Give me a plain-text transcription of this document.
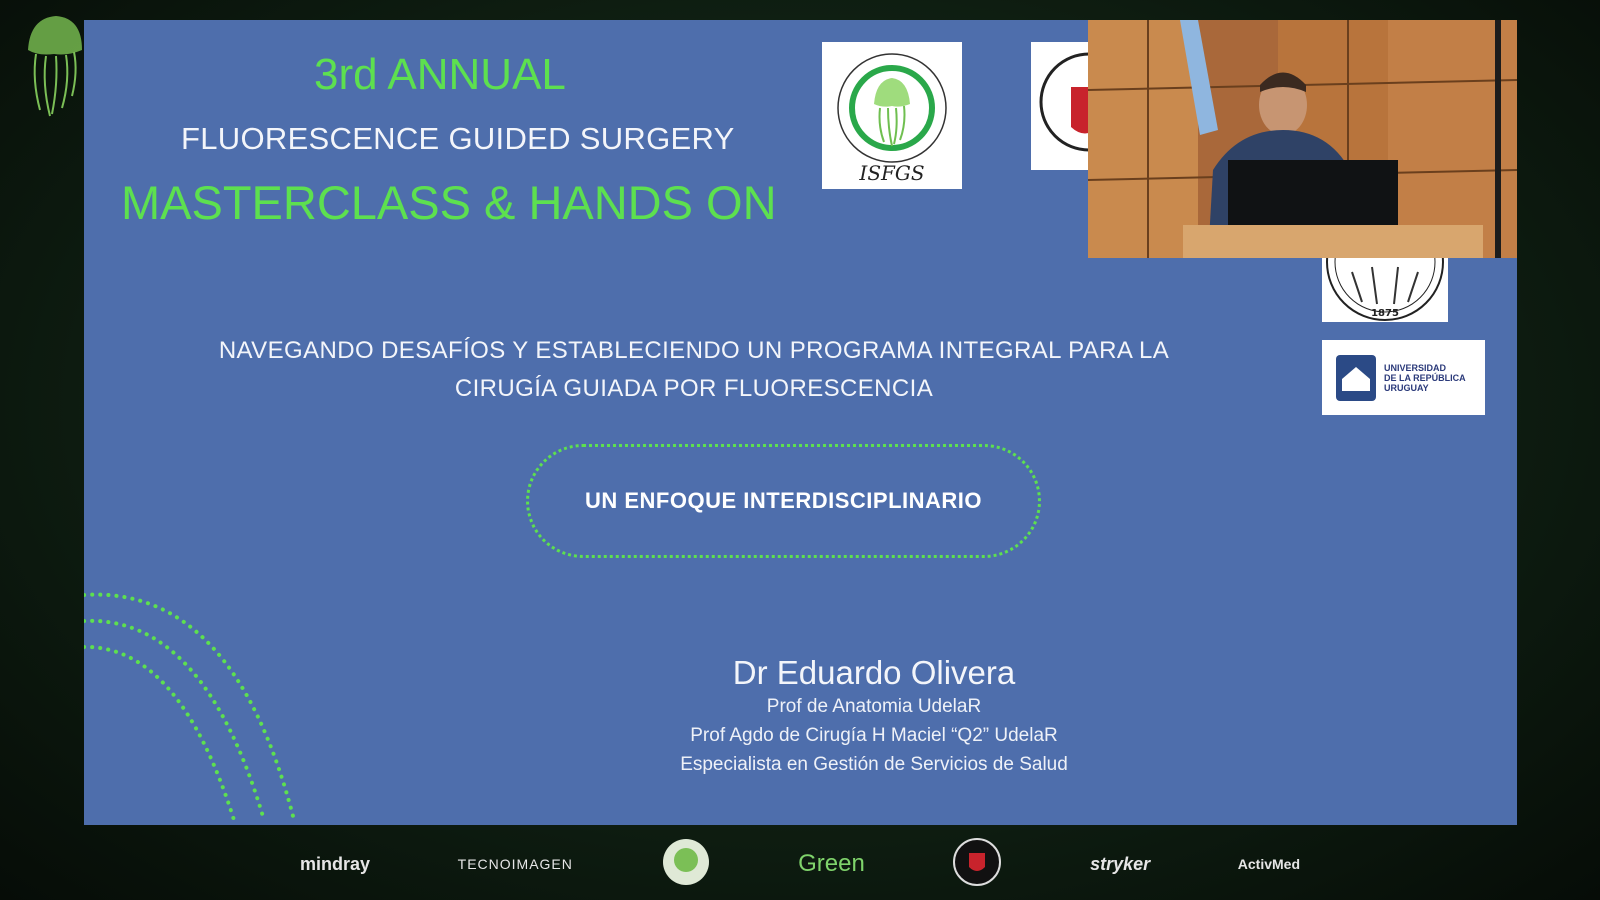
3rd ANNUAL
FLUORESCENCE GUIDED SURGERY
MASTERCLASS & HANDS ON
NAVEGANDO DESAFÍOS Y ESTABLECIENDO UN PROGRAMA INTEGRAL PARA LA
CIRUGÍA GUIADA POR FLUORESCENCIA
UN ENFOQUE INTERDISCIPLINARIO
Dr Eduardo Olivera
Prof de Anatomia UdelaR
Prof Agdo de Cirugía H Maciel “Q2” UdelaR
Especialista en Gestión de Servicios de Salud
ISFGS
1875
UNIVERSIDAD
DE LA REPÚBLICA
URUGUAY
mindray	TECNOIMAGEN	Green	stryker	ActivMed
